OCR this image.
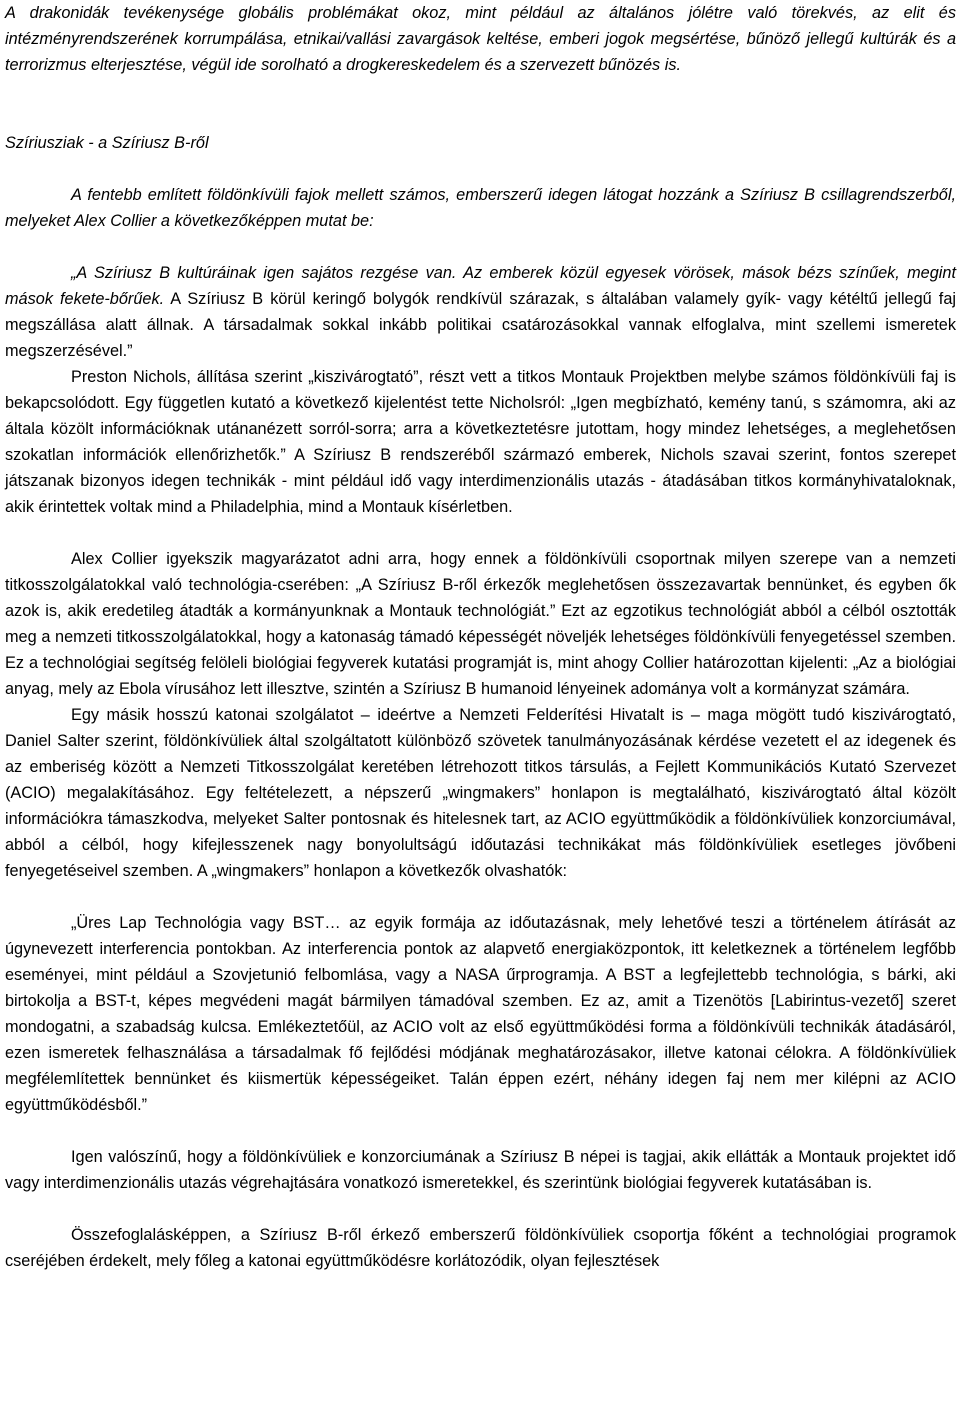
A drakonidák tevékenysége globális problémákat okoz, mint például az általános jólétre való törekvés, az elit és intézményrendszerének korrumpálása, etnikai/vallási zavargások keltése, emberi jogok megsértése, bűnöző jellegű kultúrák és a terrorizmus elterjesztése, végül ide sorolható a drogkereskedelem és a szervezett bűnözés is.

Szíriusziak - a Szíriusz B-ről

A fentebb említett földönkívüli fajok mellett számos, emberszerű idegen látogat hozzánk a Szíriusz B csillagrendszerből, melyeket Alex Collier a következőképpen mutat be:

„A Szíriusz B kultúráinak igen sajátos rezgése van. Az emberek közül egyesek vörösek, mások bézs színűek, megint mások fekete-bőrűek. A Szíriusz B körül keringő bolygók rendkívül szárazak, s általában valamely gyík- vagy kétéltű jellegű faj megszállása alatt állnak. A társadalmak sokkal inkább politikai csatározásokkal vannak elfoglalva, mint szellemi ismeretek megszerzésével.”

Preston Nichols, állítása szerint „kiszivárogtató”, részt vett a titkos Montauk Projektben melybe számos földönkívüli faj is bekapcsolódott. Egy független kutató a következő kijelentést tette Nicholsról: „Igen megbízható, kemény tanú, s számomra, aki az általa közölt információknak utánanézett sorról-sorra; arra a következtetésre jutottam, hogy mindez lehetséges, a meglehetősen szokatlan információk ellenőrizhetők.” A Szíriusz B rendszeréből származó emberek, Nichols szavai szerint, fontos szerepet játszanak bizonyos idegen technikák - mint például idő vagy interdimenzionális utazás - átadásában titkos kormányhivataloknak, akik érintettek voltak mind a Philadelphia, mind a Montauk kísérletben.

Alex Collier igyekszik magyarázatot adni arra, hogy ennek a földönkívüli csoportnak milyen szerepe van a nemzeti titkosszolgálatokkal való technológia-cserében: „A Szíriusz B-ről érkezők meglehetősen összezavartak bennünket, és egyben ők azok is, akik eredetileg átadták a kormányunknak a Montauk technológiát.” Ezt az egzotikus technológiát abból a célból osztották meg a nemzeti titkosszolgálatokkal, hogy a katonaság támadó képességét növeljék lehetséges földönkívüli fenyegetéssel szemben. Ez a technológiai segítség felöleli biológiai fegyverek kutatási programját is, mint ahogy Collier határozottan kijelenti: „Az a biológiai anyag, mely az Ebola vírusához lett illesztve, szintén a Szíriusz B humanoid lényeinek adománya volt a kormányzat számára.

Egy másik hosszú katonai szolgálatot – ideértve a Nemzeti Felderítési Hivatalt is – maga mögött tudó kiszivárogtató, Daniel Salter szerint, földönkívüliek által szolgáltatott különböző szövetek tanulmányozásának kérdése vezetett el az idegenek és az emberiség között a Nemzeti Titkosszolgálat keretében létrehozott titkos társulás, a Fejlett Kommunikációs Kutató Szervezet (ACIO) megalakításához. Egy feltételezett, a népszerű „wingmakers” honlapon is megtalálható, kiszivárogtató által közölt információkra támaszkodva, melyeket Salter pontosnak és hitelesnek tart, az ACIO együttműködik a földönkívüliek konzorciumával, abból a célból, hogy kifejlesszenek nagy bonyolultságú időutazási technikákat más földönkívüliek esetleges jövőbeni fenyegetéseivel szemben. A „wingmakers” honlapon a következők olvashatók:

„Üres Lap Technológia vagy BST… az egyik formája az időutazásnak, mely lehetővé teszi a történelem átírását az úgynevezett interferencia pontokban. Az interferencia pontok az alapvető energiaközpontok, itt keletkeznek a történelem legfőbb eseményei, mint például a Szovjetunió felbomlása, vagy a NASA űrprogramja. A BST a legfejlettebb technológia, s bárki, aki birtokolja a BST-t, képes megvédeni magát bármilyen támadóval szemben. Ez az, amit a Tizenötös [Labirintus-vezető] szeret mondogatni, a szabadság kulcsa. Emlékeztetőül, az ACIO volt az első együttműködési forma a földönkívüli technikák átadásáról, ezen ismeretek felhasználása a társadalmak fő fejlődési módjának meghatározásakor, illetve katonai célokra. A földönkívüliek megfélemlítettek bennünket és kiismertük képességeiket. Talán éppen ezért, néhány idegen faj nem mer kilépni az ACIO együttműködésből.”

Igen valószínű, hogy a földönkívüliek e konzorciumának a Szíriusz B népei is tagjai, akik ellátták a Montauk projektet idő vagy interdimenzionális utazás végrehajtására vonatkozó ismeretekkel, és szerintünk biológiai fegyverek kutatásában is.

Összefoglalásképpen, a Szíriusz B-ről érkező emberszerű földönkívüliek csoportja főként a technológiai programok cseréjében érdekelt, mely főleg a katonai együttműködésre korlátozódik, olyan fejlesztések
